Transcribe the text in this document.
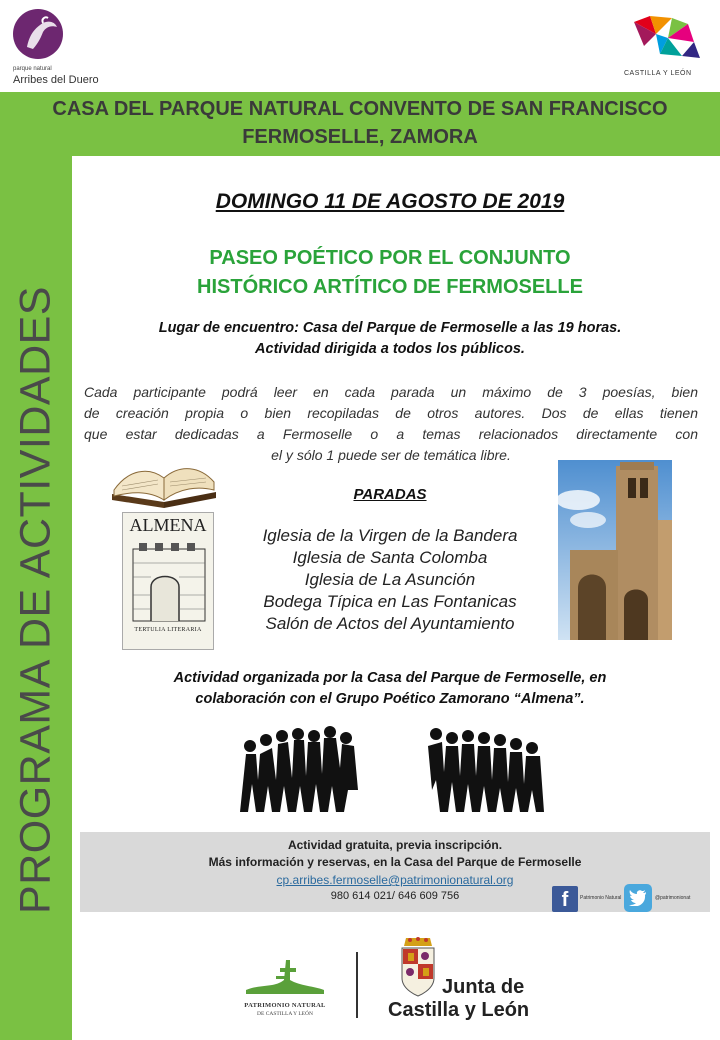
parque natural
Arribes del Duero
CASTILLA Y LEÓN
CASA DEL PARQUE NATURAL CONVENTO DE SAN FRANCISCO
FERMOSELLE, ZAMORA
PROGRAMA DE ACTIVIDADES
DOMINGO 11 DE AGOSTO DE 2019
PASEO POÉTICO POR EL CONJUNTO
HISTÓRICO ARTÍTICO DE FERMOSELLE
Lugar de encuentro: Casa del Parque de Fermoselle a las 19 horas.
Actividad dirigida a todos los públicos.
Cada participante podrá leer en cada parada un máximo de 3 poesías, bien
de creación propia o bien recopiladas de otros autores. Dos de ellas tienen
que estar dedicadas a Fermoselle o a temas relacionados directamente con
el y sólo 1 puede ser de temática libre.
ALMENA
TERTULIA LITERARIA
PARADAS
Iglesia de la Virgen de la Bandera
Iglesia de Santa Colomba
Iglesia de La Asunción
Bodega Típica en Las Fontanicas
Salón de Actos del Ayuntamiento
Actividad organizada por la Casa del Parque de Fermoselle, en
colaboración con el Grupo Poético Zamorano “Almena”.
Actividad gratuita, previa inscripción.
Más información y reservas, en la Casa del Parque de Fermoselle
cp.arribes.fermoselle@patrimonionatural.org
980 614 021/ 646 609 756	f	Patrimonio Natural	@patrimonionat
PATRIMONIO NATURAL
DE CASTILLA Y LEÓN
Junta de
Castilla y León
